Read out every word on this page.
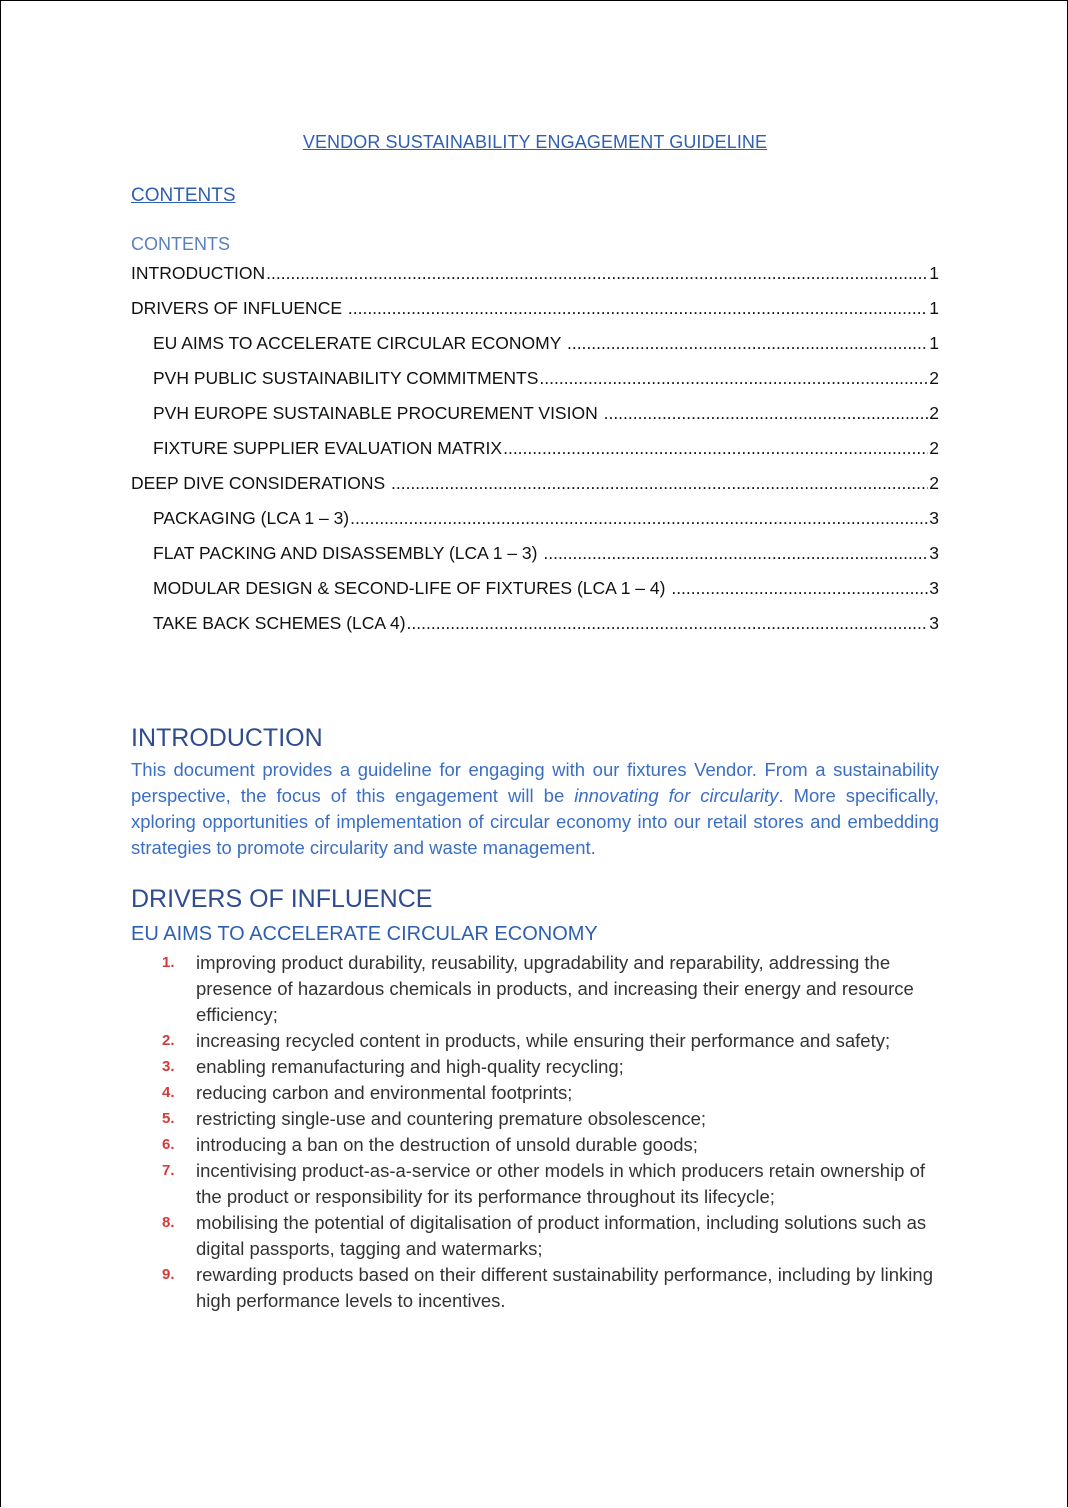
VENDOR SUSTAINABILITY ENGAGEMENT GUIDELINE
CONTENTS
CONTENTS
INTRODUCTION .....	1
DRIVERS OF INFLUENCE .....	1
EU AIMS TO ACCELERATE CIRCULAR ECONOMY .....	1
PVH PUBLIC SUSTAINABILITY COMMITMENTS .....	2
PVH EUROPE SUSTAINABLE PROCUREMENT VISION .....	2
FIXTURE SUPPLIER EVALUATION MATRIX .....	2
DEEP DIVE CONSIDERATIONS .....	2
PACKAGING (LCA 1 – 3) .....	3
FLAT PACKING AND DISASSEMBLY (LCA 1 – 3) .....	3
MODULAR DESIGN & SECOND-LIFE OF FIXTURES (LCA 1 – 4) .....	3
TAKE BACK SCHEMES (LCA 4) .....	3
INTRODUCTION
This document provides a guideline for engaging with our fixtures Vendor. From a sustainability perspective, the focus of this engagement will be innovating for circularity. More specifically, xploring opportunities of implementation of circular economy into our retail stores and embedding strategies to promote circularity and waste management.
DRIVERS OF INFLUENCE
EU AIMS TO ACCELERATE CIRCULAR ECONOMY
1.	improving product durability, reusability, upgradability and reparability, addressing the presence of hazardous chemicals in products, and increasing their energy and resource efficiency;
2.	increasing recycled content in products, while ensuring their performance and safety;
3.	enabling remanufacturing and high-quality recycling;
4.	reducing carbon and environmental footprints;
5.	restricting single-use and countering premature obsolescence;
6.	introducing a ban on the destruction of unsold durable goods;
7.	incentivising product-as-a-service or other models in which producers retain ownership of the product or responsibility for its performance throughout its lifecycle;
8.	mobilising the potential of digitalisation of product information, including solutions such as digital passports, tagging and watermarks;
9.	rewarding products based on their different sustainability performance, including by linking high performance levels to incentives.
